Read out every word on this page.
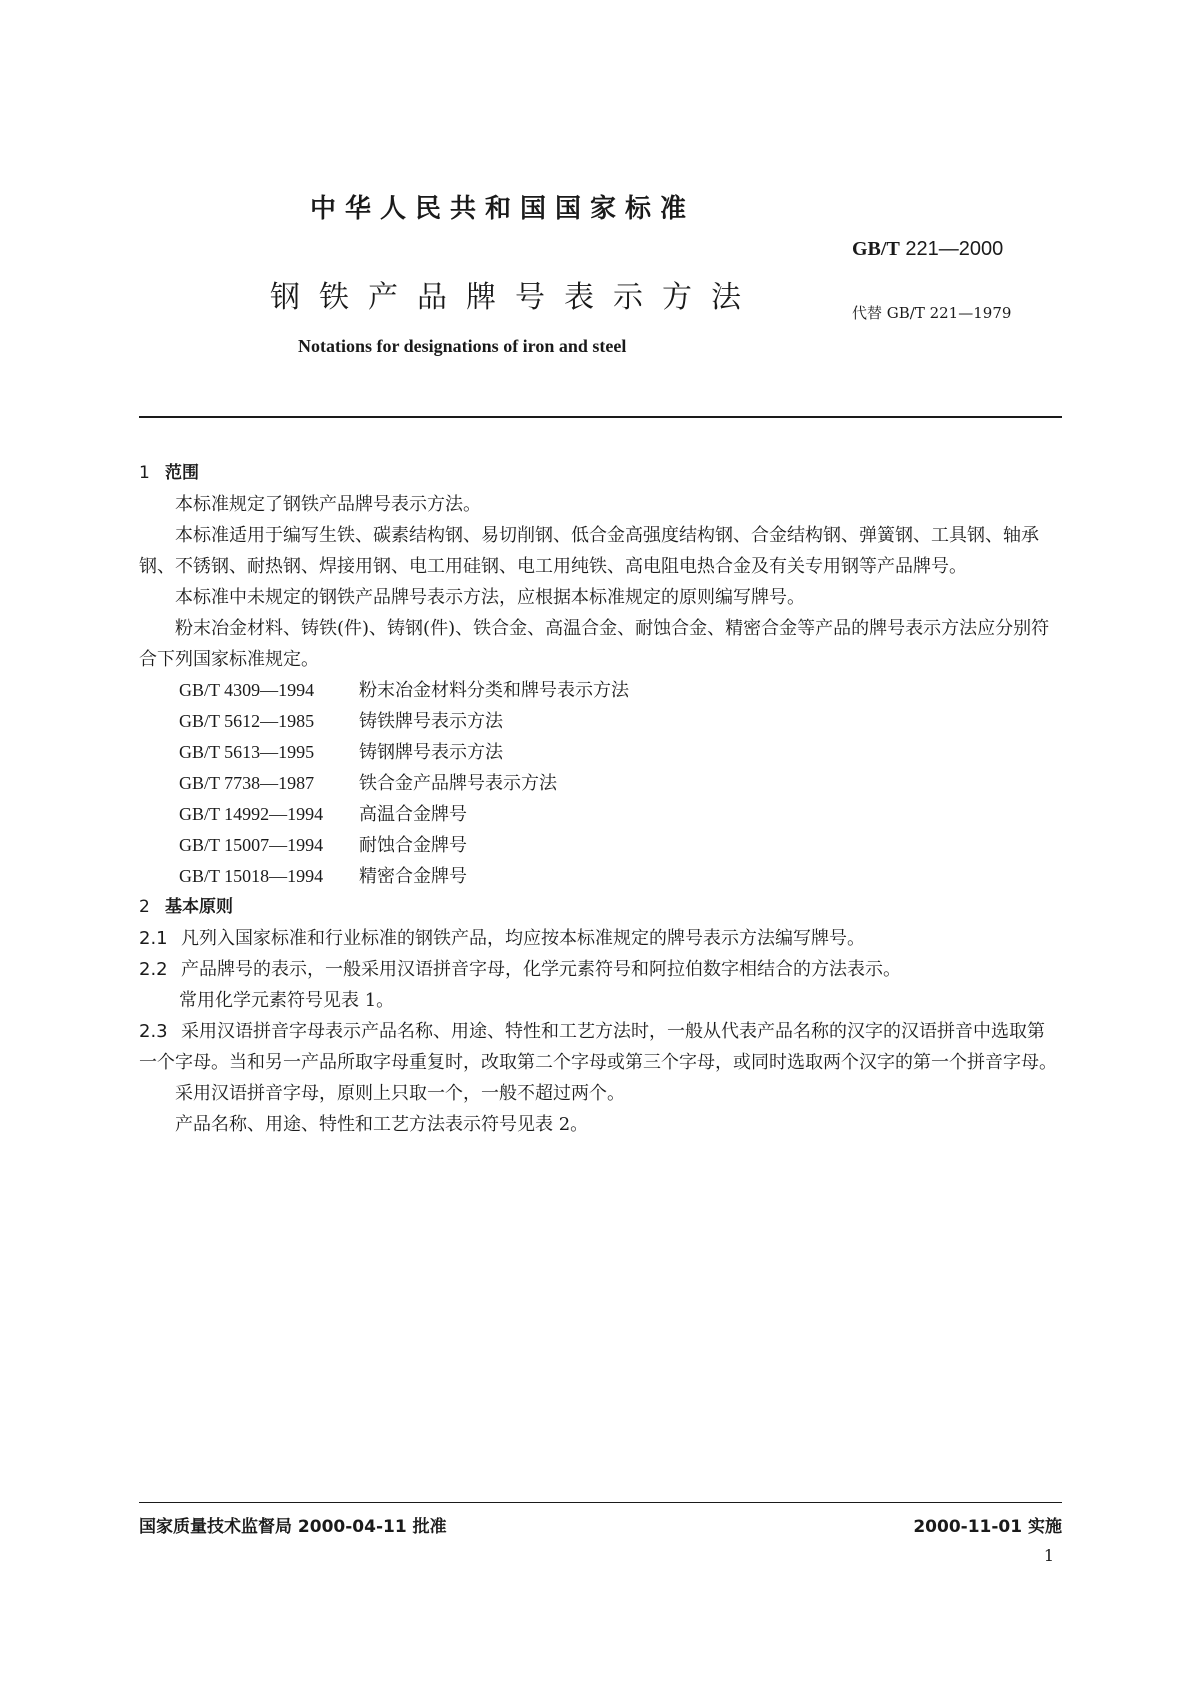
中华人民共和国国家标准
GB/T 221—2000
钢铁产品牌号表示方法	代替 GB/T 221—1979
Notations for designations of iron and steel

1 范围

本标准规定了钢铁产品牌号表示方法。

本标准适用于编写生铁、碳素结构钢、易切削钢、低合金高强度结构钢、合金结构钢、弹簧钢、工具钢、轴承钢、不锈钢、耐热钢、焊接用钢、电工用硅钢、电工用纯铁、高电阻电热合金及有关专用钢等产品牌号。

本标准中未规定的钢铁产品牌号表示方法，应根据本标准规定的原则编写牌号。

粉末冶金材料、铸铁(件)、铸钢(件)、铁合金、高温合金、耐蚀合金、精密合金等产品的牌号表示方法应分别符合下列国家标准规定。

GB/T 4309—1994 粉末冶金材料分类和牌号表示方法

GB/T 5612—1985 铸铁牌号表示方法

GB/T 5613—1995 铸钢牌号表示方法

GB/T 7738—1987 铁合金产品牌号表示方法

GB/T 14992—1994 高温合金牌号

GB/T 15007—1994 耐蚀合金牌号

GB/T 15018—1994 精密合金牌号

2 基本原则

2.1 凡列入国家标准和行业标准的钢铁产品，均应按本标准规定的牌号表示方法编写牌号。

2.2 产品牌号的表示，一般采用汉语拼音字母，化学元素符号和阿拉伯数字相结合的方法表示。

常用化学元素符号见表 1。

2.3 采用汉语拼音字母表示产品名称、用途、特性和工艺方法时，一般从代表产品名称的汉字的汉语拼音中选取第一个字母。当和另一产品所取字母重复时，改取第二个字母或第三个字母，或同时选取两个汉字的第一个拼音字母。

采用汉语拼音字母，原则上只取一个，一般不超过两个。

产品名称、用途、特性和工艺方法表示符号见表 2。

国家质量技术监督局 2000-04-11 批准	2000-11-01 实施
1
